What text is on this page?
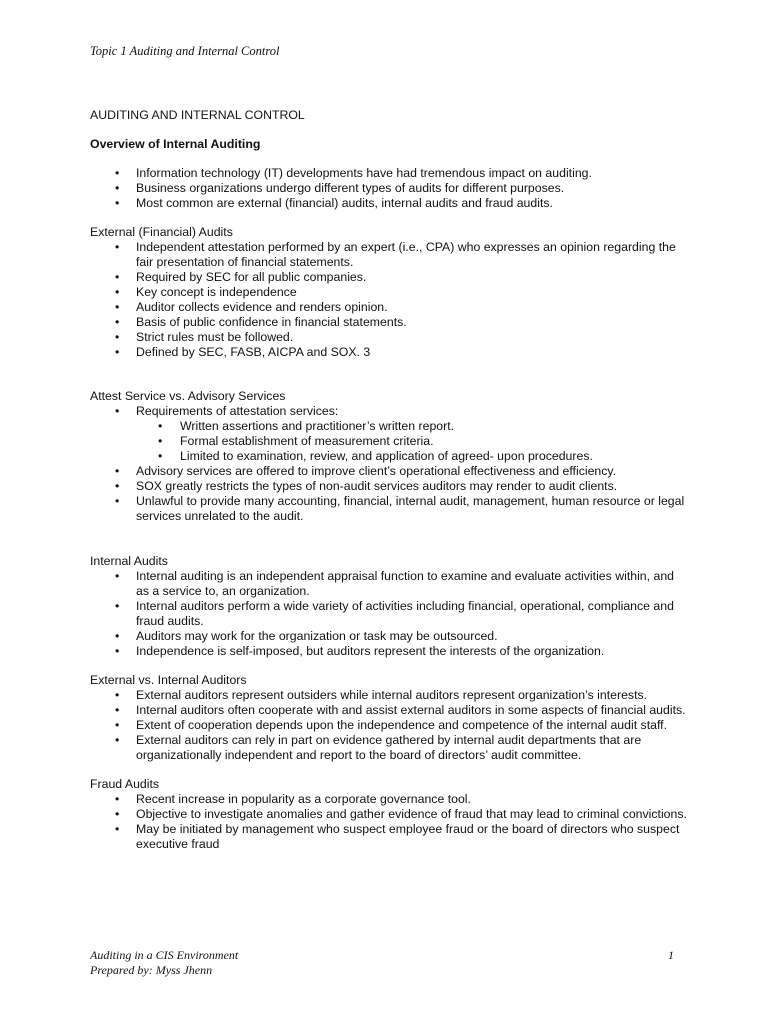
Topic 1 Auditing and Internal Control
AUDITING AND INTERNAL CONTROL
Overview of Internal Auditing
• Information technology (IT) developments have had tremendous impact on auditing.
• Business organizations undergo different types of audits for different purposes.
• Most common are external (financial) audits, internal audits and fraud audits.
External (Financial) Audits
• Independent attestation performed by an expert (i.e., CPA) who expresses an opinion regarding the fair presentation of financial statements.
• Required by SEC for all public companies.
• Key concept is independence
• Auditor collects evidence and renders opinion.
• Basis of public confidence in financial statements.
• Strict rules must be followed.
• Defined by SEC, FASB, AICPA and SOX. 3
Attest Service vs. Advisory Services
• Requirements of attestation services:
• Written assertions and practitioner’s written report.
• Formal establishment of measurement criteria.
• Limited to examination, review, and application of agreed- upon procedures.
• Advisory services are offered to improve client’s operational effectiveness and efficiency.
• SOX greatly restricts the types of non-audit services auditors may render to audit clients.
• Unlawful to provide many accounting, financial, internal audit, management, human resource or legal services unrelated to the audit.
Internal Audits
• Internal auditing is an independent appraisal function to examine and evaluate activities within, and as a service to, an organization.
• Internal auditors perform a wide variety of activities including financial, operational, compliance and fraud audits.
• Auditors may work for the organization or task may be outsourced.
• Independence is self-imposed, but auditors represent the interests of the organization.
External vs. Internal Auditors
• External auditors represent outsiders while internal auditors represent organization’s interests.
• Internal auditors often cooperate with and assist external auditors in some aspects of financial audits.
• Extent of cooperation depends upon the independence and competence of the internal audit staff.
• External auditors can rely in part on evidence gathered by internal audit departments that are organizationally independent and report to the board of directors’ audit committee.
Fraud Audits
• Recent increase in popularity as a corporate governance tool.
• Objective to investigate anomalies and gather evidence of fraud that may lead to criminal convictions.
• May be initiated by management who suspect employee fraud or the board of directors who suspect executive fraud
Auditing in a CIS Environment
Prepared by: Myss Jhenn
1
